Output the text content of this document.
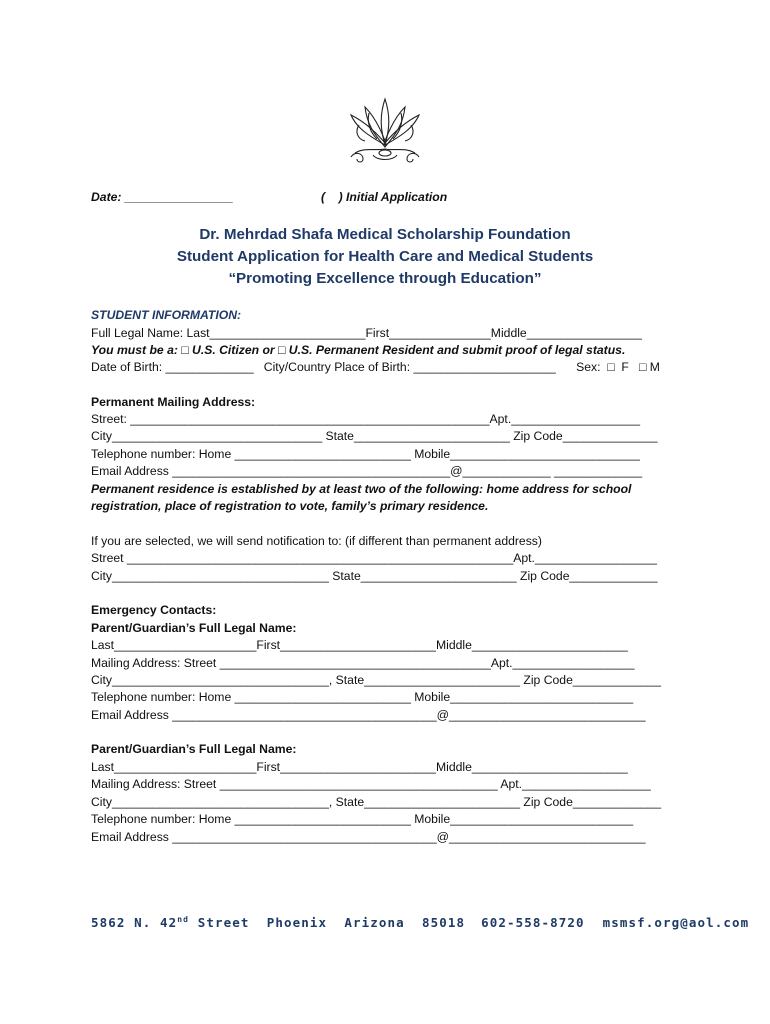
Date: ________________	(    ) Initial Application
Dr. Mehrdad Shafa Medical Scholarship Foundation
Student Application for Health Care and Medical Students
“Promoting Excellence through Education”
STUDENT INFORMATION:
Full Legal Name: Last_______________________First_______________Middle_________________
You must be a: □ U.S. Citizen or □ U.S. Permanent Resident and submit proof of legal status.
Date of Birth: _____________   City/Country Place of Birth: _____________________      Sex:  □  F   □ M
Permanent Mailing Address:
Street: _____________________________________________________Apt.___________________
City_______________________________ State_______________________ Zip Code______________
Telephone number: Home __________________________ Mobile____________________________
Email Address _________________________________________@_____________ _____________
Permanent residence is established by at least two of the following: home address for school
registration, place of registration to vote, family’s primary residence.
If you are selected, we will send notification to: (if different than permanent address)
Street _________________________________________________________Apt.__________________
City________________________________ State_______________________ Zip Code_____________
Emergency Contacts:
Parent/Guardian’s Full Legal Name:
Last_____________________First_______________________Middle_______________________
Mailing Address: Street ________________________________________Apt.__________________
City________________________________, State_______________________ Zip Code_____________
Telephone number: Home __________________________ Mobile___________________________
Email Address _______________________________________@_____________________________
Parent/Guardian’s Full Legal Name:
Last_____________________First_______________________Middle_______________________
Mailing Address: Street _________________________________________ Apt.___________________
City________________________________, State_______________________ Zip Code_____________
Telephone number: Home __________________________ Mobile___________________________
Email Address _______________________________________@_____________________________
5862 N. 42nd Street  Phoenix  Arizona  85018 602-558-8720 msmsf.org@aol.com
